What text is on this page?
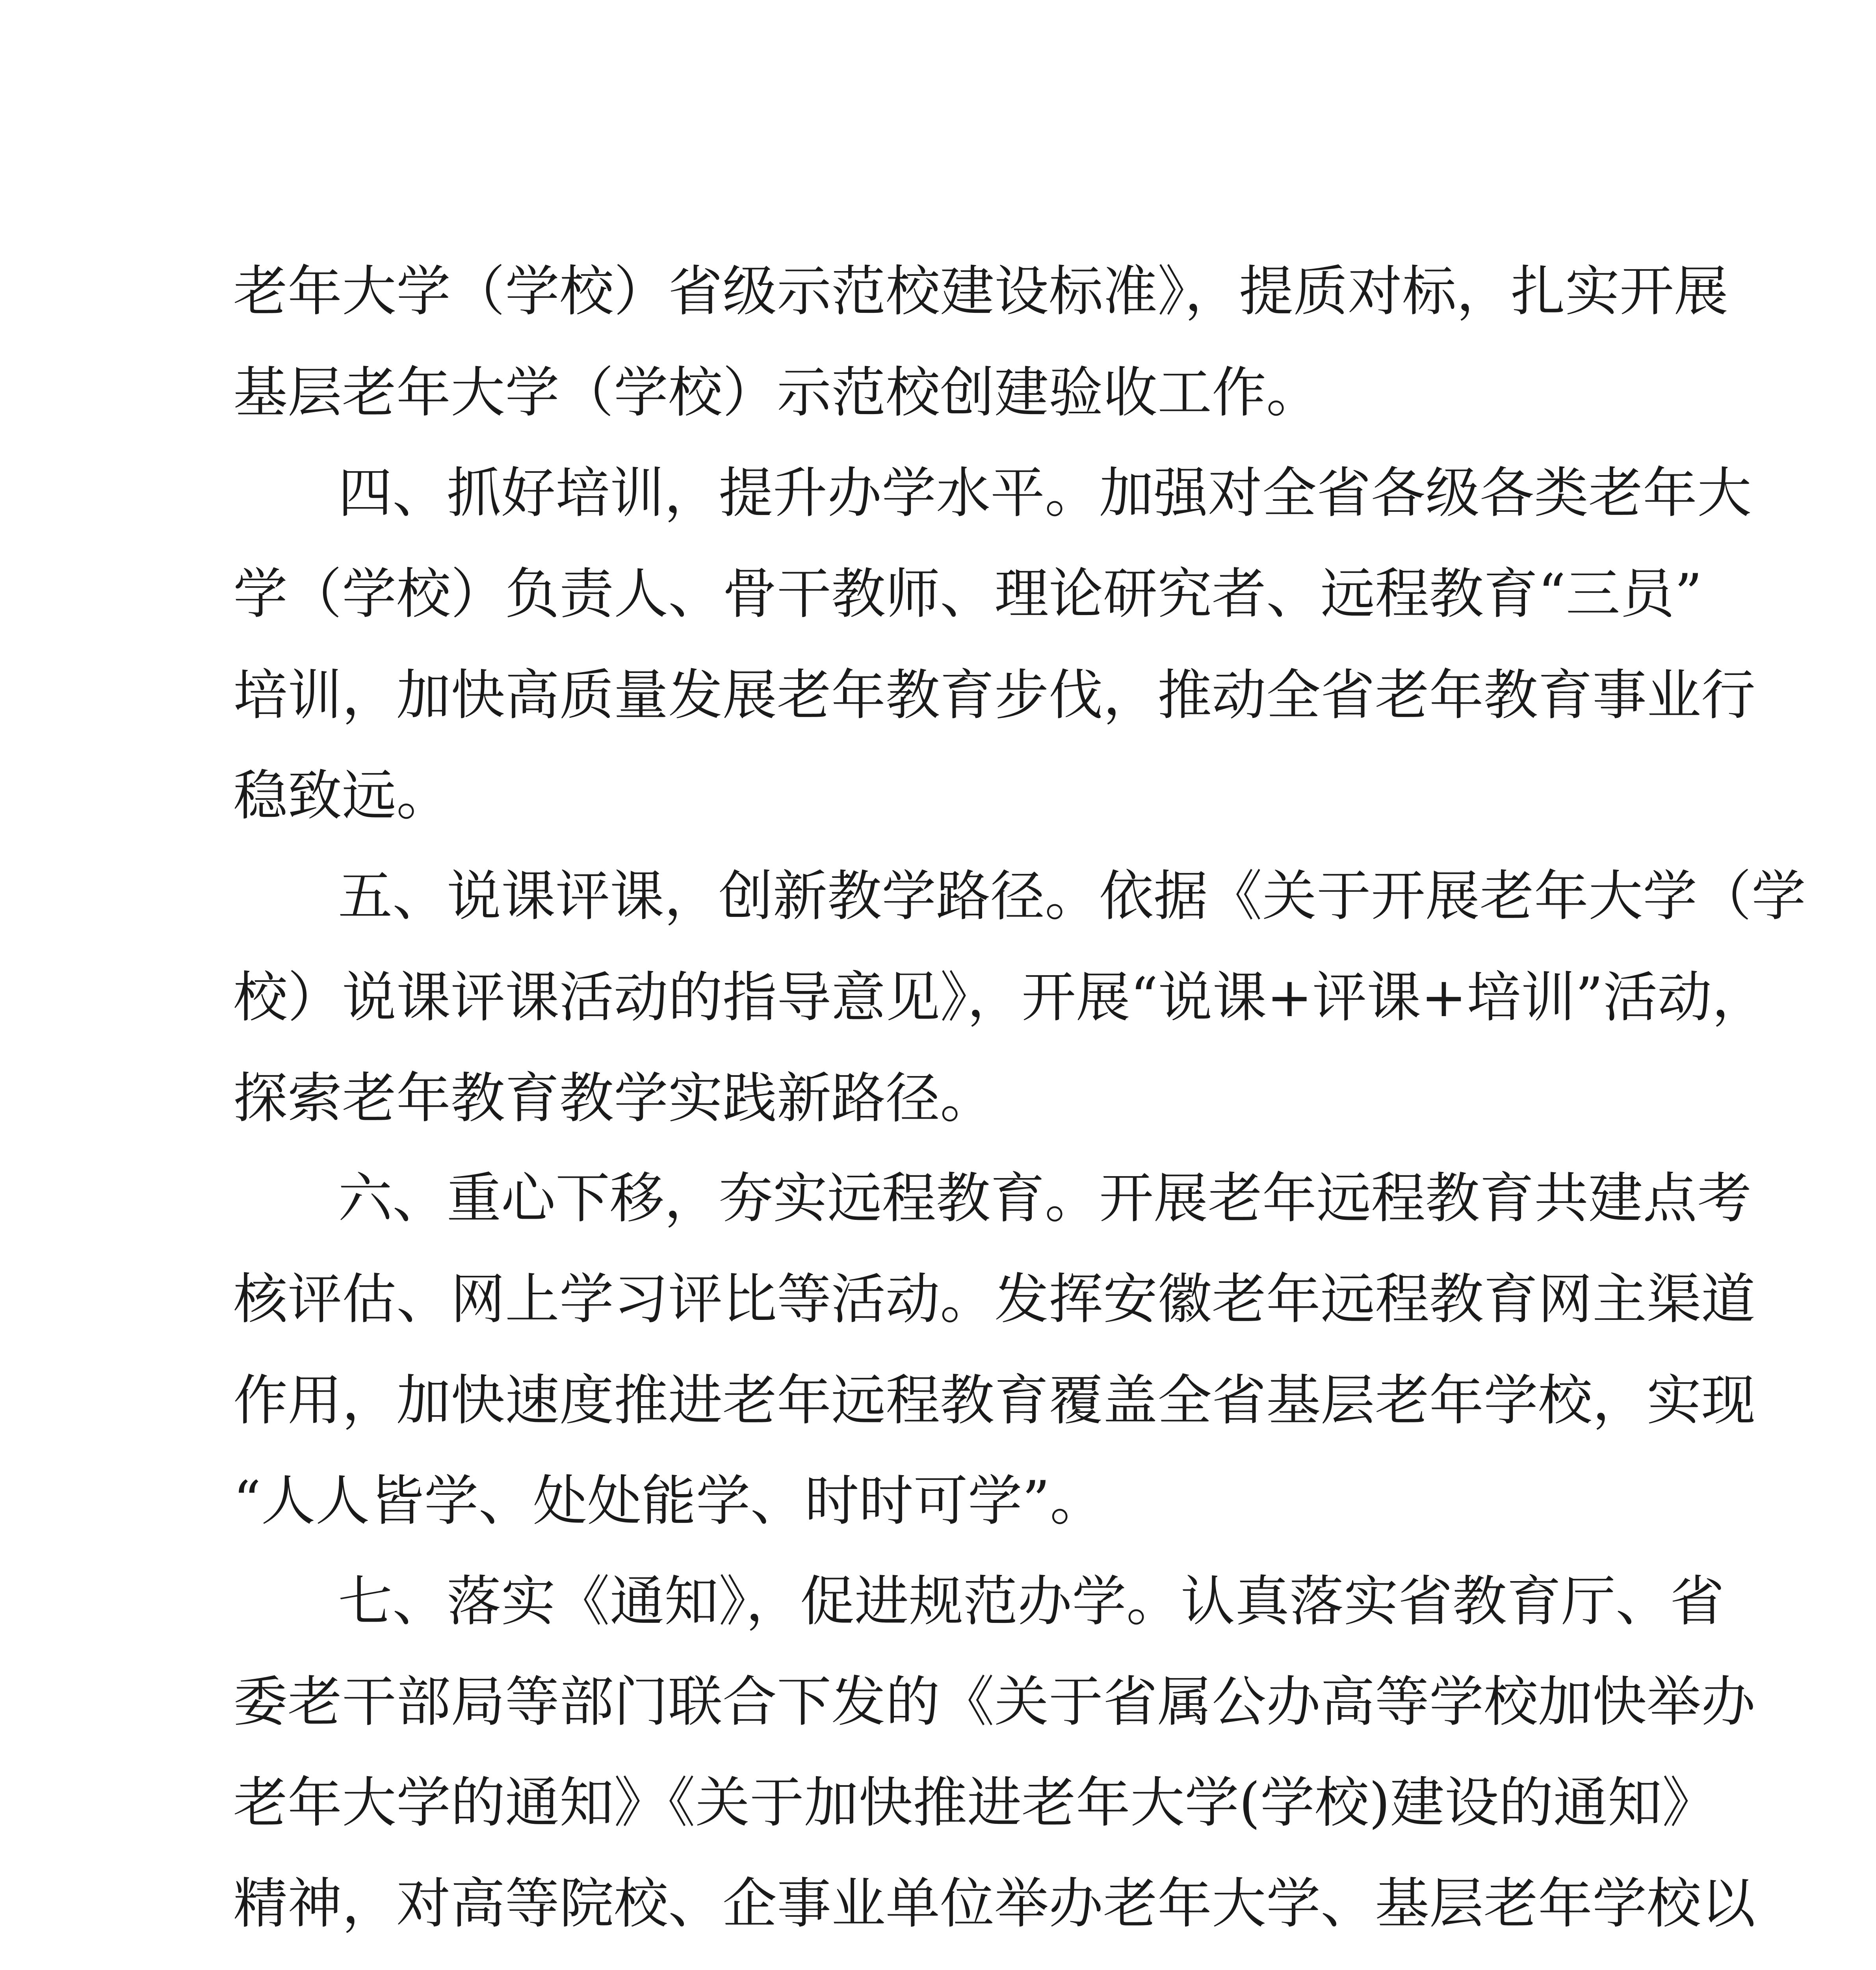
老年大学（学校）省级示范校建设标准》，提质对标，扎实开展
基层老年大学（学校）示范校创建验收工作。
四、抓好培训，提升办学水平。加强对全省各级各类老年大
学（学校）负责人、骨干教师、理论研究者、远程教育“三员”
培训，加快高质量发展老年教育步伐，推动全省老年教育事业行
稳致远。
五、说课评课，创新教学路径。依据《关于开展老年大学（学
校）说课评课活动的指导意见》，开展“说课+评课+培训”活动，
探索老年教育教学实践新路径。
六、重心下移，夯实远程教育。开展老年远程教育共建点考
核评估、网上学习评比等活动。发挥安徽老年远程教育网主渠道
作用，加快速度推进老年远程教育覆盖全省基层老年学校，实现
“人人皆学、处处能学、时时可学”。
七、落实《通知》，促进规范办学。认真落实省教育厅、省
委老干部局等部门联合下发的《关于省属公办高等学校加快举办
老年大学的通知》《关于加快推进老年大学(学校)建设的通知》
精神，对高等院校、企事业单位举办老年大学、基层老年学校以
